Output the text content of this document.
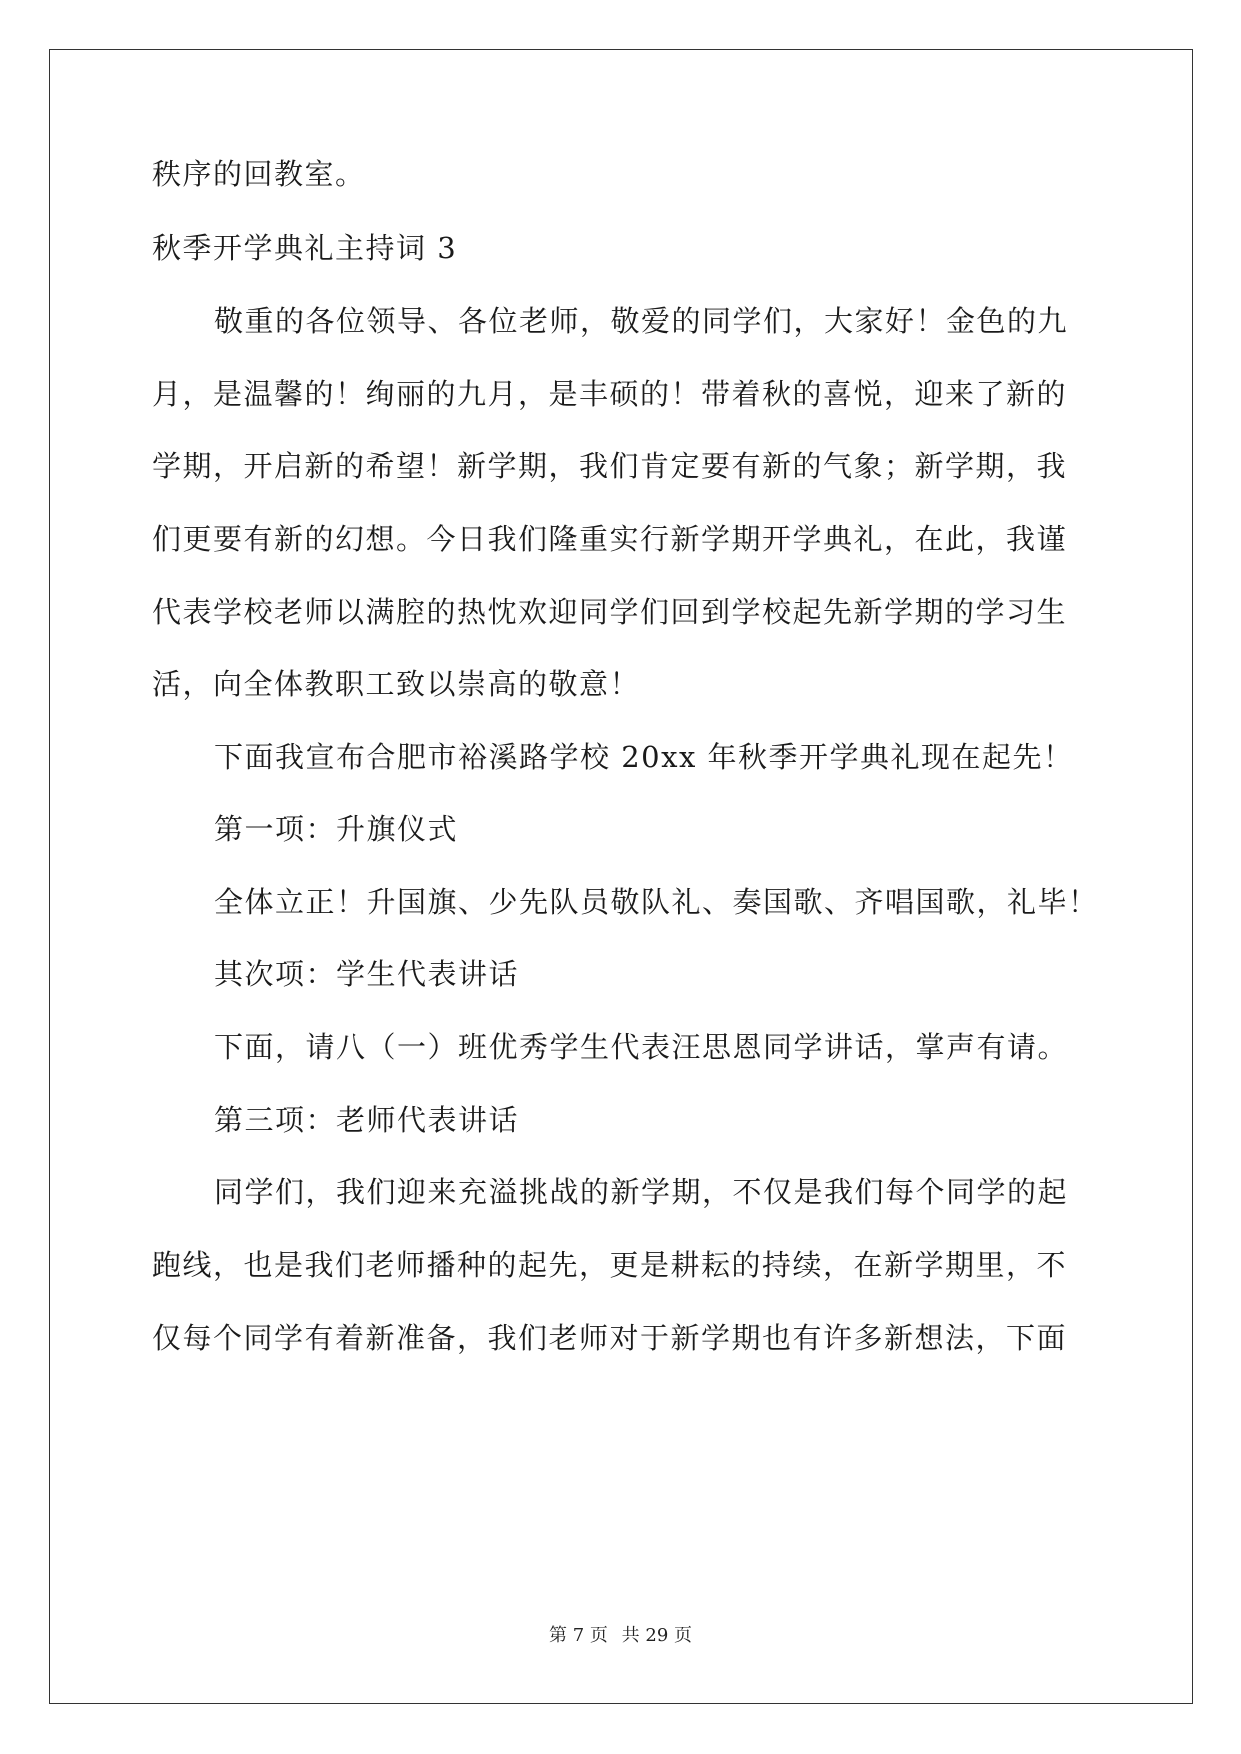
秩序的回教室。
秋季开学典礼主持词 3
敬重的各位领导、各位老师，敬爱的同学们，大家好！金色的九
月，是温馨的！绚丽的九月，是丰硕的！带着秋的喜悦，迎来了新的
学期，开启新的希望！新学期，我们肯定要有新的气象；新学期，我
们更要有新的幻想。今日我们隆重实行新学期开学典礼，在此，我谨
代表学校老师以满腔的热忱欢迎同学们回到学校起先新学期的学习生
活，向全体教职工致以崇高的敬意！
下面我宣布合肥市裕溪路学校 20xx 年秋季开学典礼现在起先！
第一项：升旗仪式
全体立正！升国旗、少先队员敬队礼、奏国歌、齐唱国歌，礼毕！
其次项：学生代表讲话
下面，请八（一）班优秀学生代表汪思恩同学讲话，掌声有请。
第三项：老师代表讲话
同学们，我们迎来充溢挑战的新学期，不仅是我们每个同学的起
跑线，也是我们老师播种的起先，更是耕耘的持续，在新学期里，不
仅每个同学有着新准备，我们老师对于新学期也有许多新想法，下面
第 7 页 共 29 页
